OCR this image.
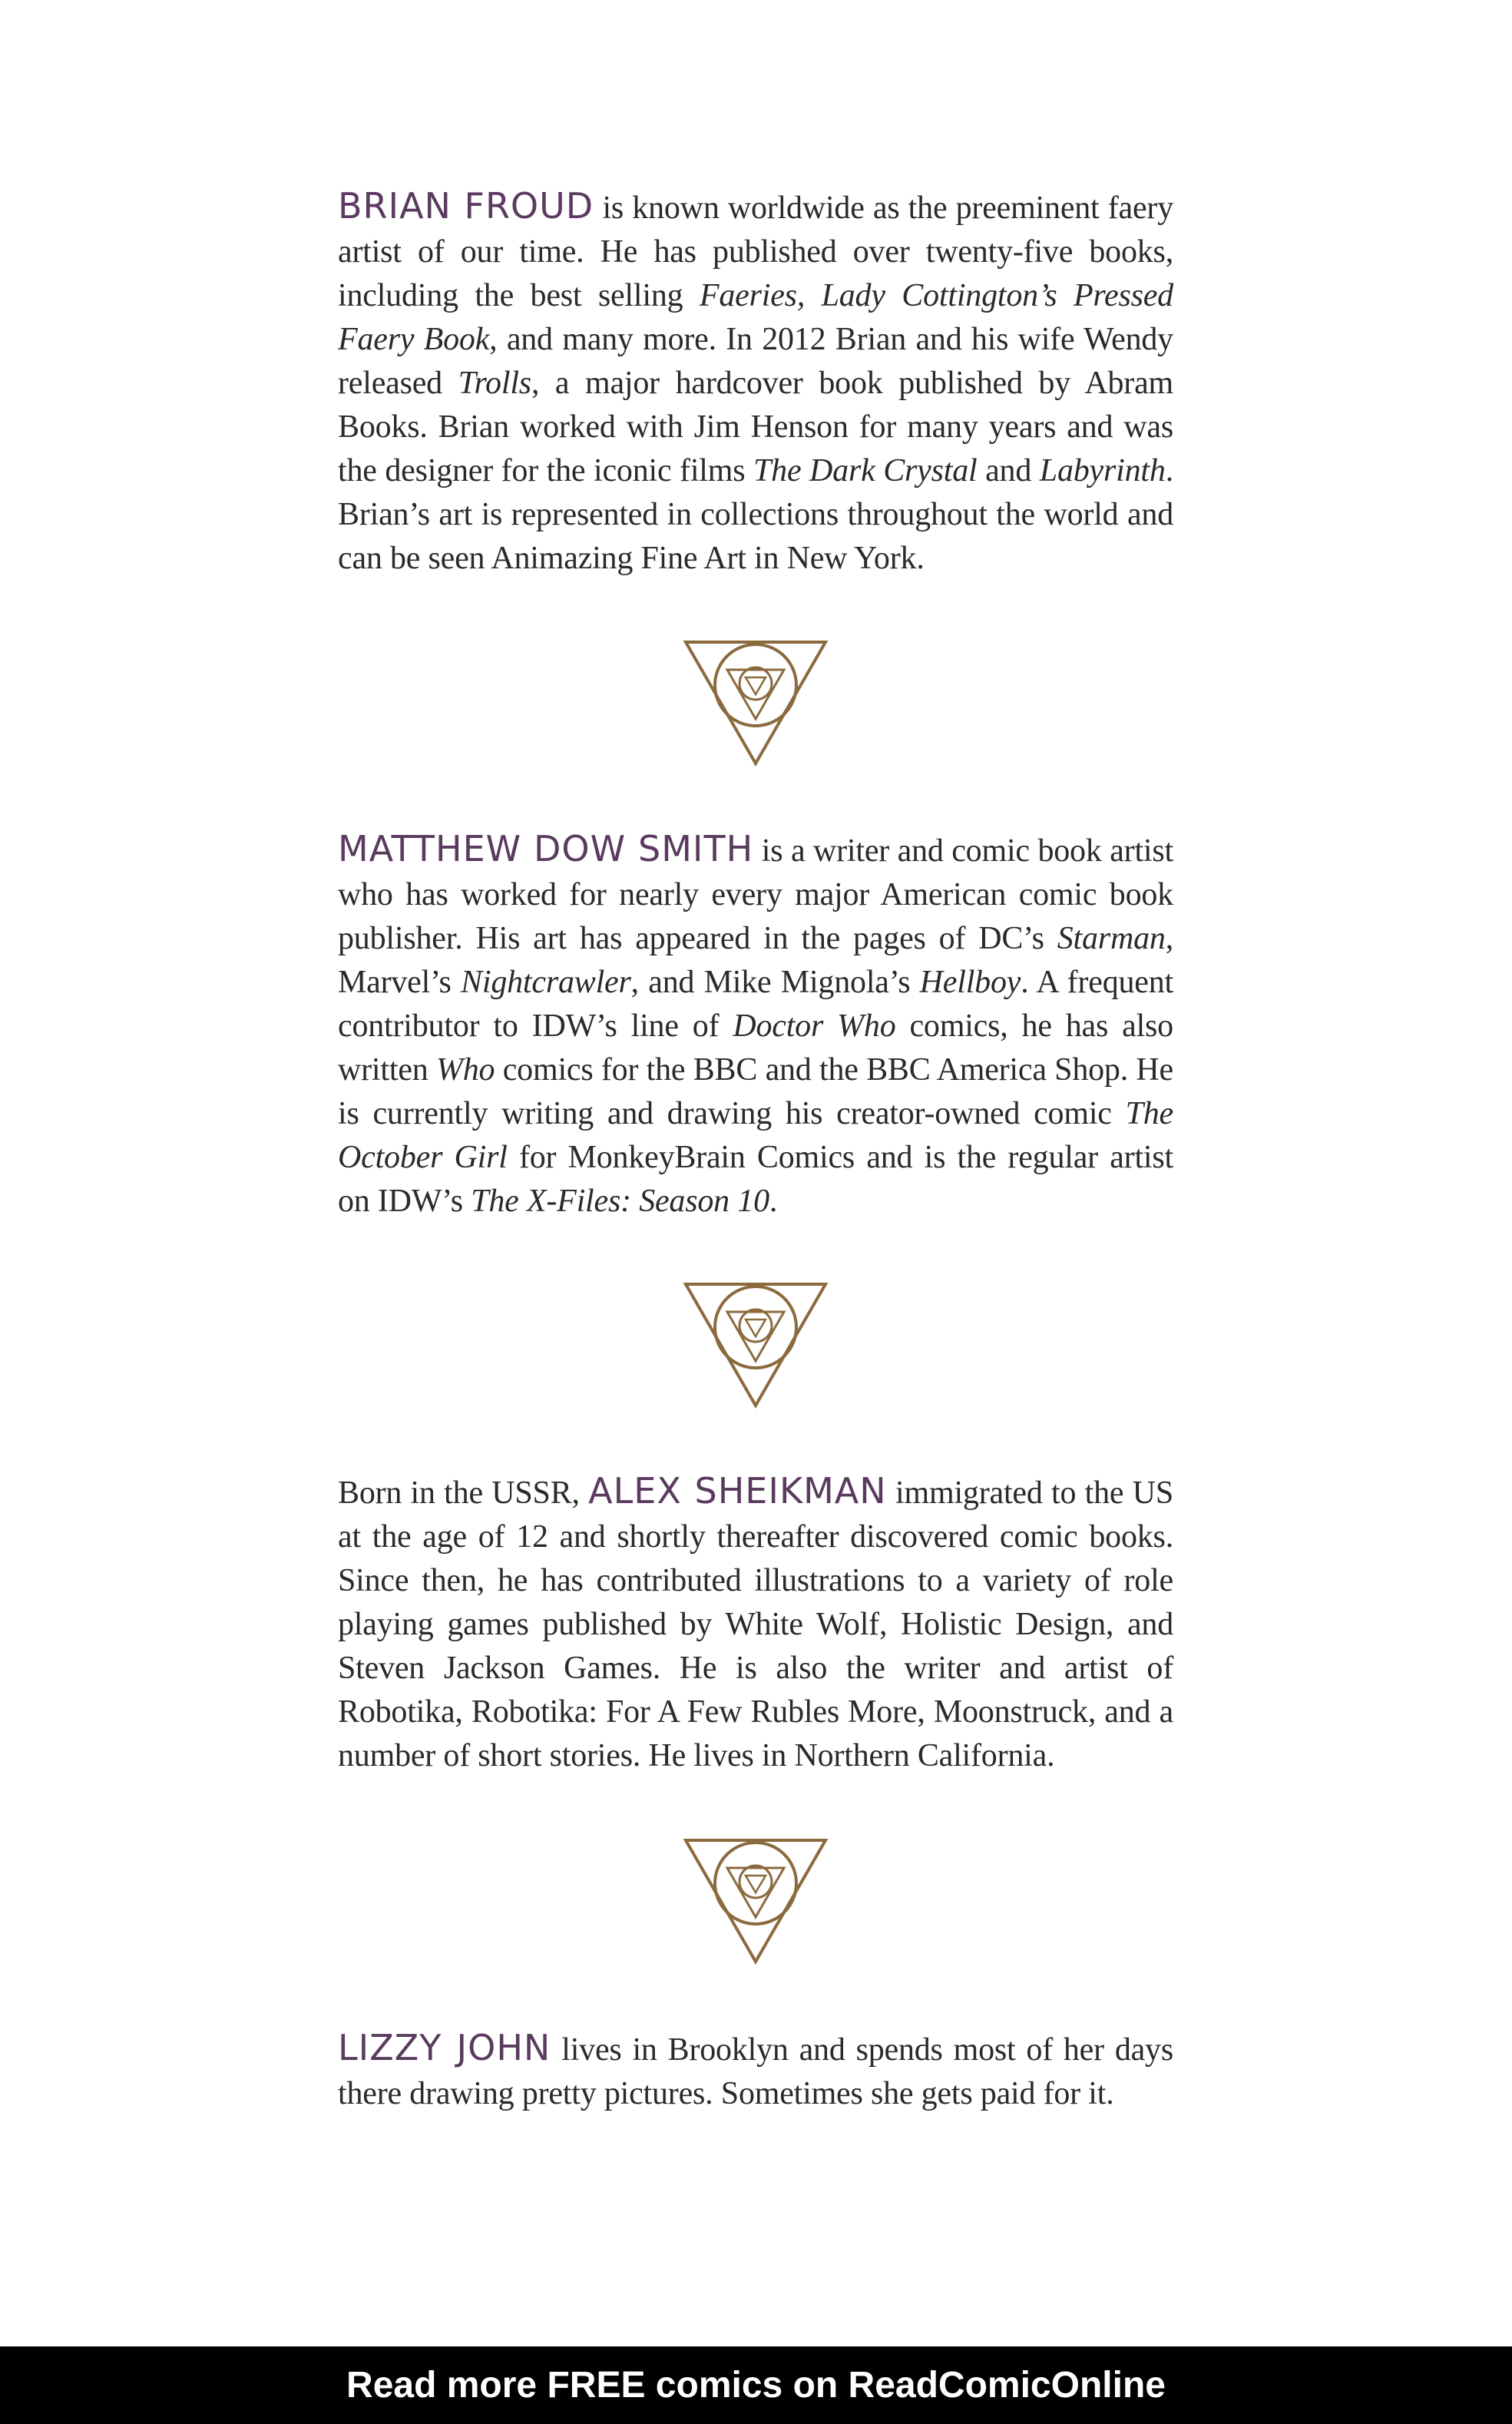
BRIAN FROUD is known worldwide as the preeminent faery artist of our time. He has published over twenty-five books, including the best selling Faeries, Lady Cottington’s Pressed Faery Book, and many more. In 2012 Brian and his wife Wendy released Trolls, a major hardcover book published by Abram Books. Brian worked with Jim Henson for many years and was the designer for the iconic films The Dark Crystal and Labyrinth. Brian’s art is represented in collections throughout the world and can be seen Animazing Fine Art in New York.
MATTHEW DOW SMITH is a writer and comic book artist who has worked for nearly every major American comic book publisher. His art has appeared in the pages of DC’s Starman, Marvel’s Nightcrawler, and Mike Mignola’s Hellboy. A frequent contributor to IDW’s line of Doctor Who comics, he has also written Who comics for the BBC and the BBC America Shop. He is currently writing and drawing his creator-owned comic The October Girl for MonkeyBrain Comics and is the regular artist on IDW’s The X-Files: Season 10.
Born in the USSR, ALEX SHEIKMAN immigrated to the US at the age of 12 and shortly thereafter discovered comic books. Since then, he has contributed illustrations to a variety of role playing games published by White Wolf, Holistic Design, and Steven Jackson Games. He is also the writer and artist of Robotika, Robotika: For A Few Rubles More, Moonstruck, and a number of short stories. He lives in Northern California.
LIZZY JOHN lives in Brooklyn and spends most of her days there drawing pretty pictures. Sometimes she gets paid for it.
Read more FREE comics on ReadComicOnline
